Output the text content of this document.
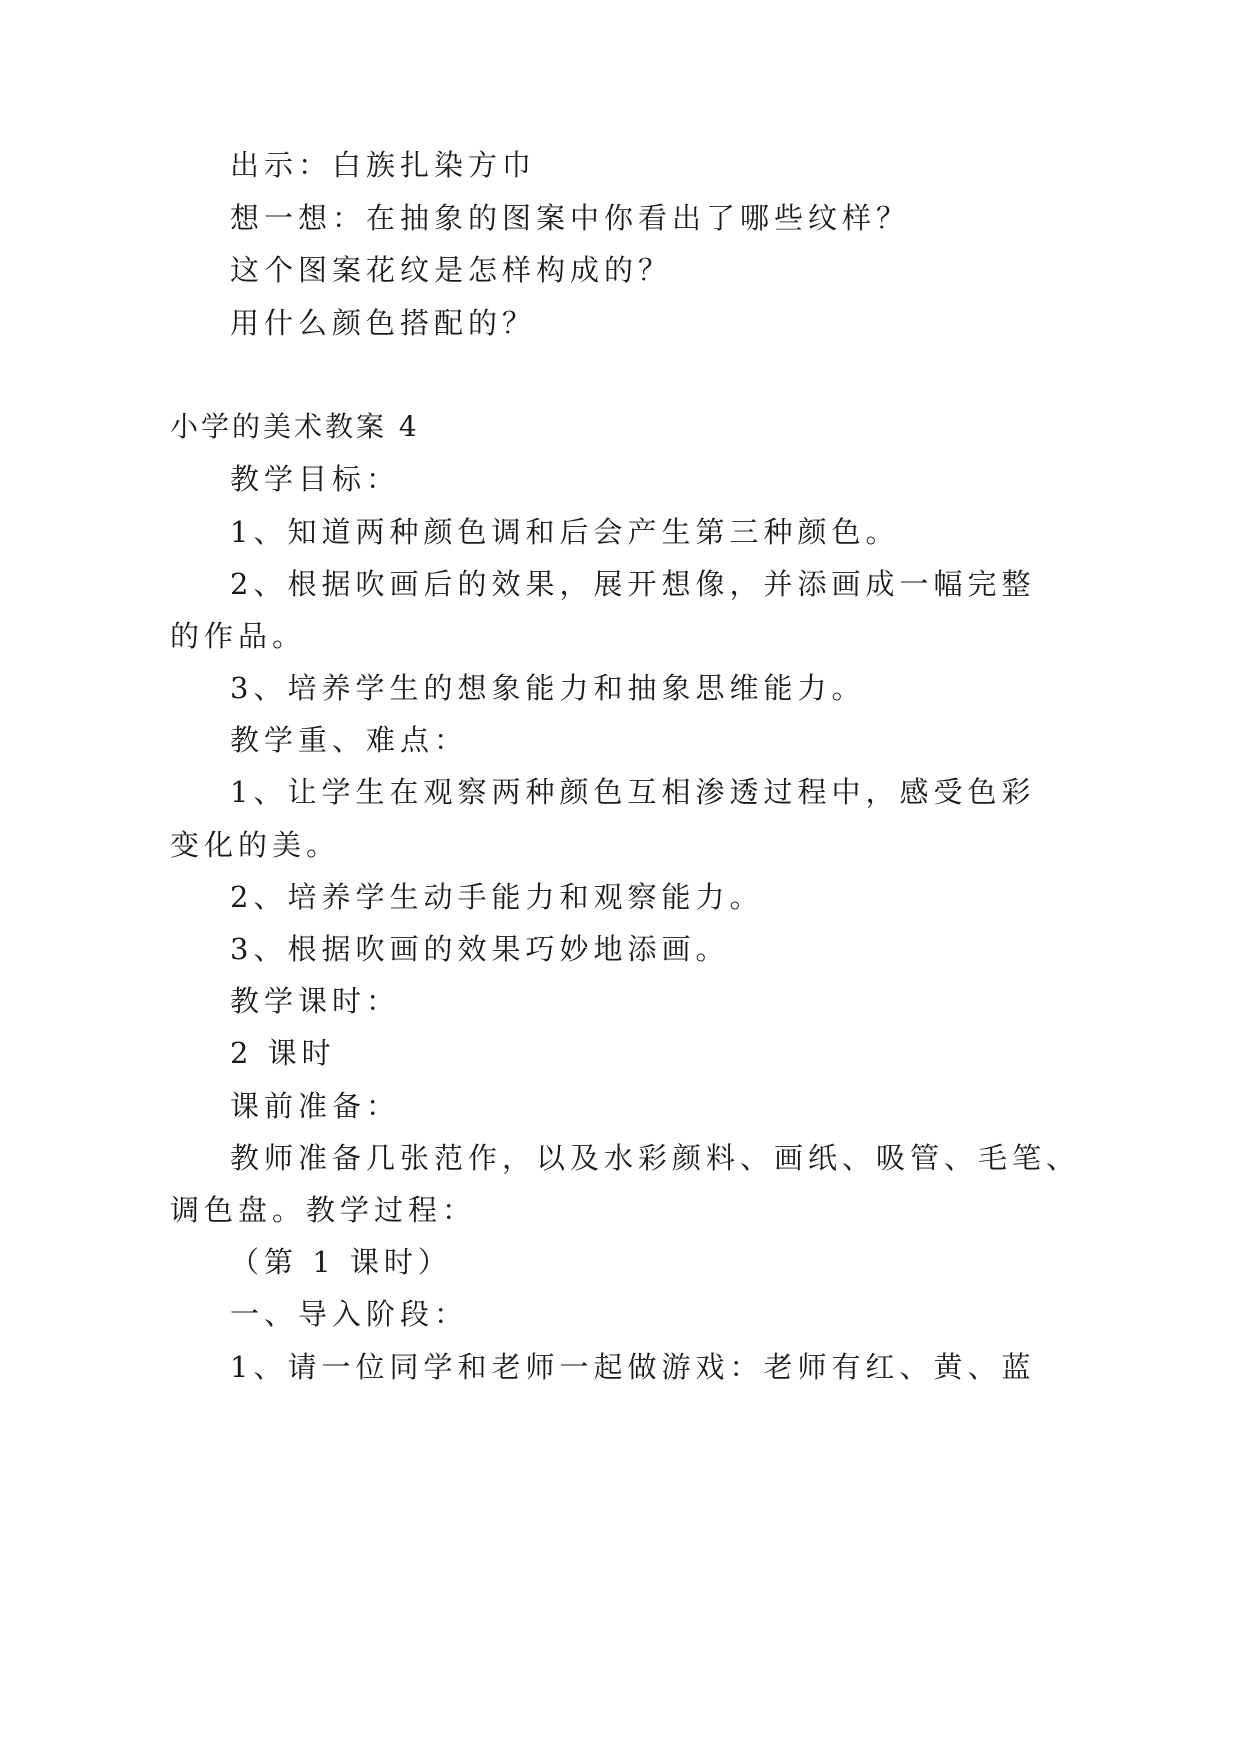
出示：白族扎染方巾
想一想：在抽象的图案中你看出了哪些纹样？
这个图案花纹是怎样构成的？
用什么颜色搭配的？
小学的美术教案 4
教学目标：
1、知道两种颜色调和后会产生第三种颜色。
2、根据吹画后的效果，展开想像，并添画成一幅完整
的作品。
3、培养学生的想象能力和抽象思维能力。
教学重、难点：
1、让学生在观察两种颜色互相渗透过程中，感受色彩
变化的美。
2、培养学生动手能力和观察能力。
3、根据吹画的效果巧妙地添画。
教学课时：
2 课时
课前准备：
教师准备几张范作，以及水彩颜料、画纸、吸管、毛笔、
调色盘。教学过程：
（第 1 课时）
一、导入阶段：
1、请一位同学和老师一起做游戏：老师有红、黄、蓝
